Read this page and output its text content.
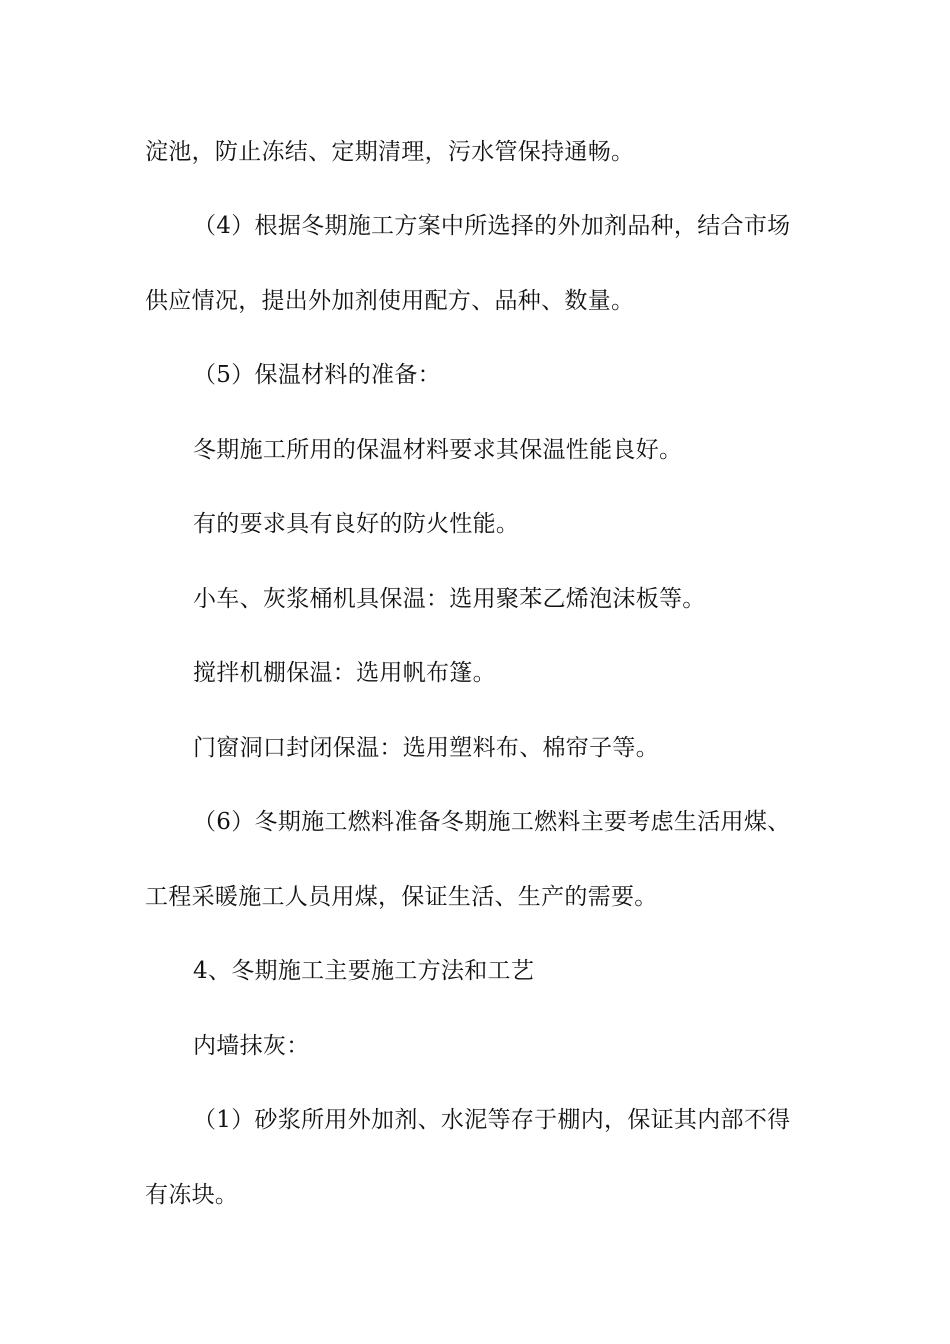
淀池，防止冻结、定期清理，污水管保持通畅。
（4）根据冬期施工方案中所选择的外加剂品种，结合市场
供应情况，提出外加剂使用配方、品种、数量。
（5）保温材料的准备：
冬期施工所用的保温材料要求其保温性能良好。
有的要求具有良好的防火性能。
小车、灰浆桶机具保温：选用聚苯乙烯泡沫板等。
搅拌机棚保温：选用帆布篷。
门窗洞口封闭保温：选用塑料布、棉帘子等。
（6）冬期施工燃料准备冬期施工燃料主要考虑生活用煤、
工程采暖施工人员用煤，保证生活、生产的需要。
4、冬期施工主要施工方法和工艺
内墙抹灰：
（1）砂浆所用外加剂、水泥等存于棚内，保证其内部不得
有冻块。
